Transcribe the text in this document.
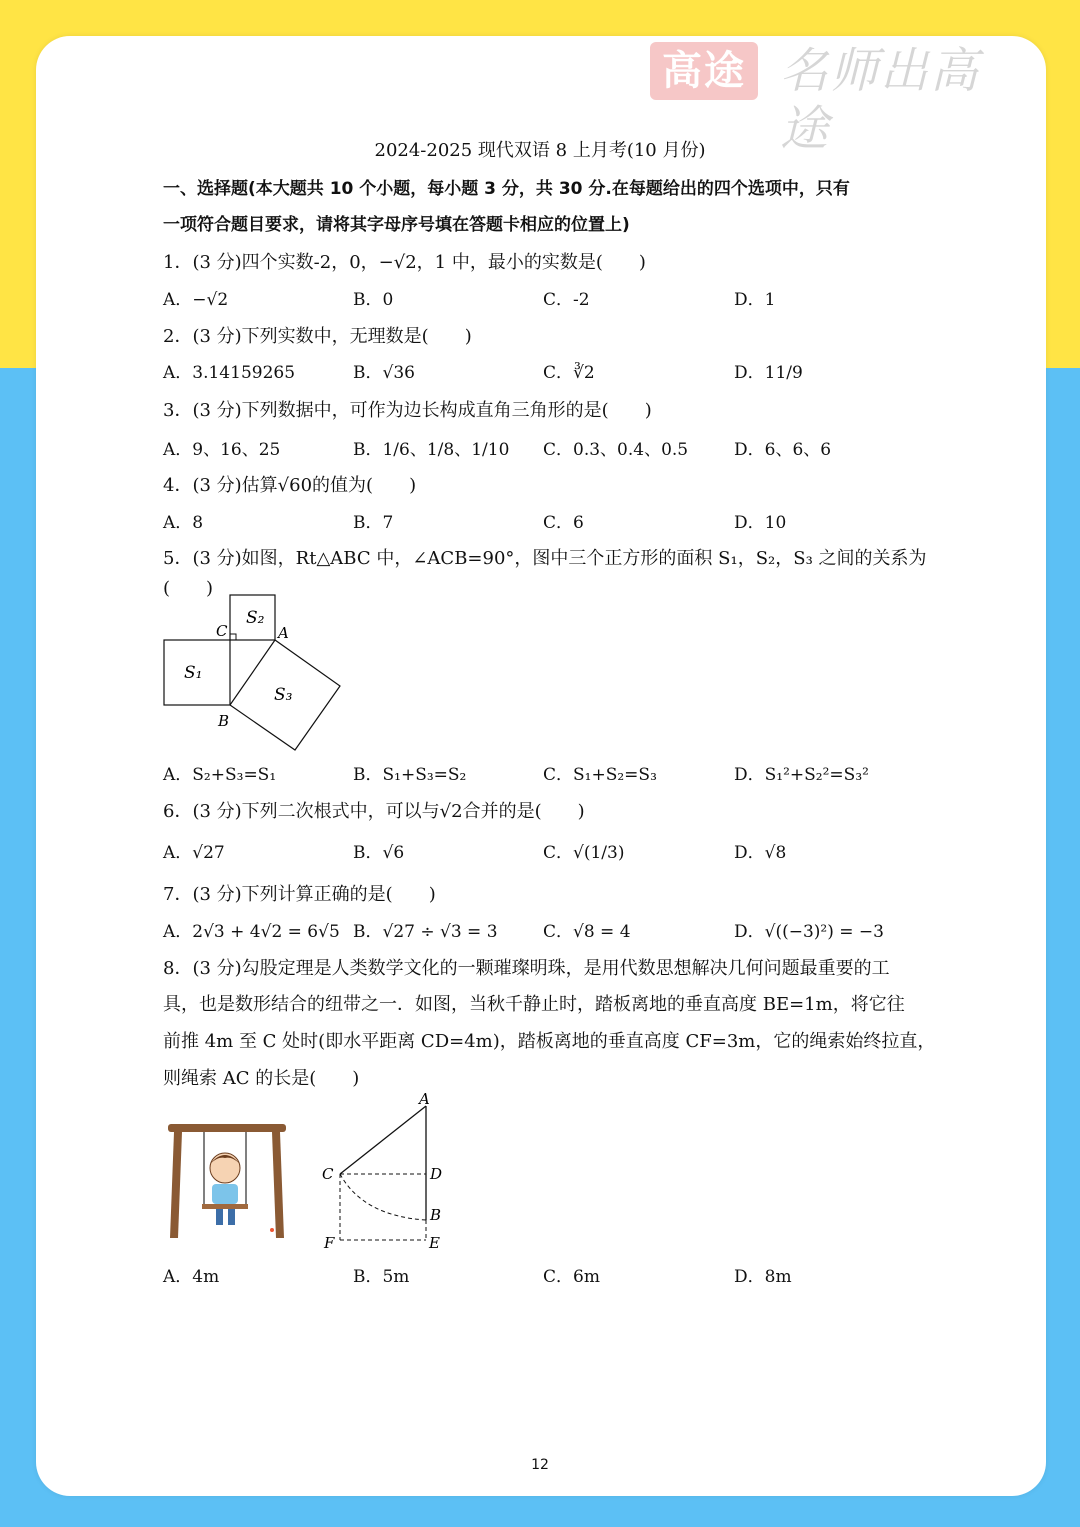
高途 名师出高途
2024-2025 现代双语 8 上月考(10 月份)
一、选择题(本大题共 10 个小题，每小题 3 分，共 30 分.在每题给出的四个选项中，只有
一项符合题目要求，请将其字母序号填在答题卡相应的位置上)
1．(3 分)四个实数-2，0，−√2，1 中，最小的实数是(　　)
A．−√2	B．0	C．-2	D．1
2．(3 分)下列实数中，无理数是(　　)
A．3.14159265	B．√36	C．∛2	D．11/9
3．(3 分)下列数据中，可作为边长构成直角三角形的是(　　)
A．9、16、25	B．1/6、1/8、1/10 C．0.3、0.4、0.5	D．6、6、6
4．(3 分)估算√60的值为(　　)
A．8	B．7	C．6	D．10
5．(3 分)如图，Rt△ABC 中，∠ACB=90°，图中三个正方形的面积 S₁，S₂，S₃ 之间的关系为
(　　)
S₁
S₂
S₃
C	A
B
A．S₂+S₃=S₁	B．S₁+S₃=S₂	C．S₁+S₂=S₃	D．S₁²+S₂²=S₃²
6．(3 分)下列二次根式中，可以与√2合并的是(　　)
A．√27	B．√6	C．√(1/3)	D．√8
7．(3 分)下列计算正确的是(　　)
A．2√3 + 4√2 = 6√5 B．√27 ÷ √3 = 3	C．√8 = 4	D．√((−3)²) = −3
8．(3 分)勾股定理是人类数学文化的一颗璀璨明珠，是用代数思想解决几何问题最重要的工
具，也是数形结合的纽带之一．如图，当秋千静止时，踏板离地的垂直高度 BE=1m，将它往
前推 4m 至 C 处时(即水平距离 CD=4m)，踏板离地的垂直高度 CF=3m，它的绳索始终拉直，
则绳索 AC 的长是(　　)
A
C	D
B
F	E
A．4m	B．5m	C．6m	D．8m
12
